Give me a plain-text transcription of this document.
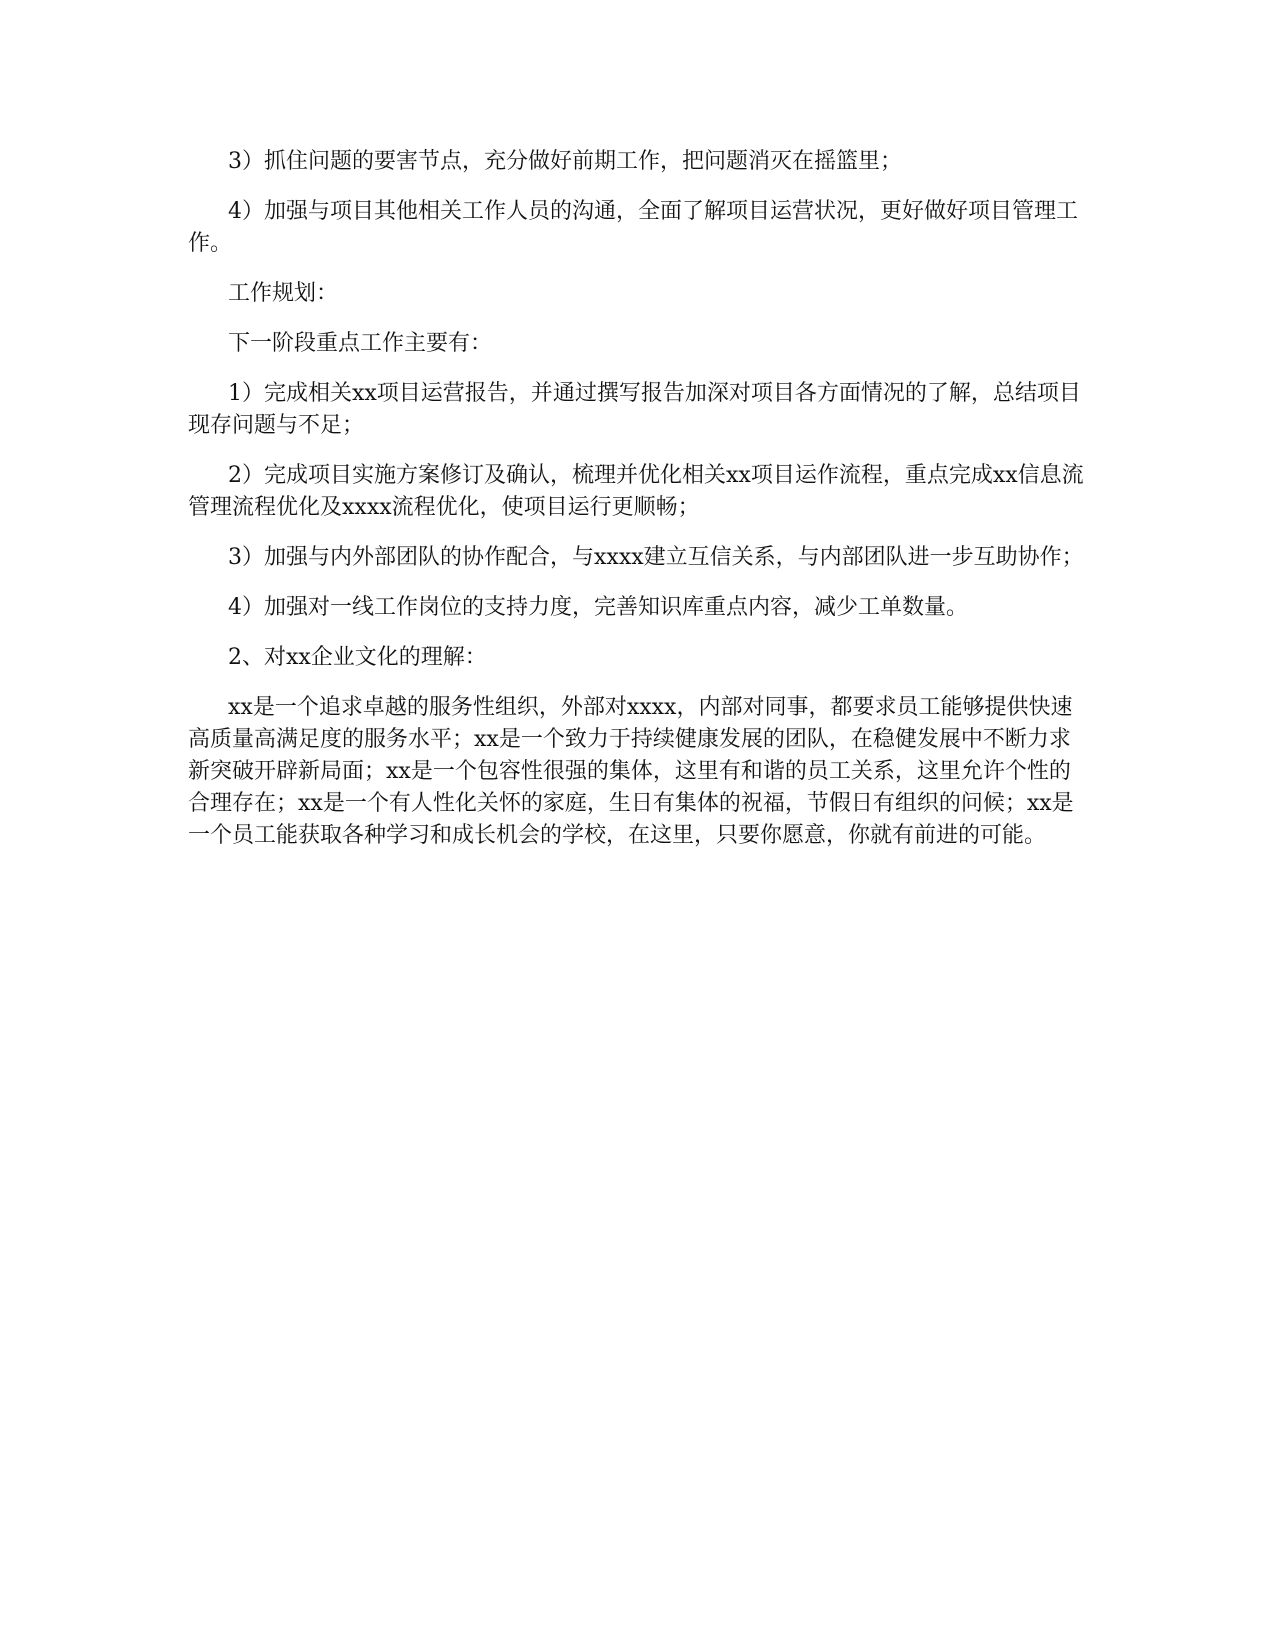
3）抓住问题的要害节点，充分做好前期工作，把问题消灭在摇篮里；

4）加强与项目其他相关工作人员的沟通，全面了解项目运营状况，更好做好项目管理工作。

工作规划：

下一阶段重点工作主要有：

1）完成相关xx项目运营报告，并通过撰写报告加深对项目各方面情况的了解，总结项目现存问题与不足；

2）完成项目实施方案修订及确认，梳理并优化相关xx项目运作流程，重点完成xx信息流管理流程优化及xxxx流程优化，使项目运行更顺畅；

3）加强与内外部团队的协作配合，与xxxx建立互信关系，与内部团队进一步互助协作；

4）加强对一线工作岗位的支持力度，完善知识库重点内容，减少工单数量。

2、对xx企业文化的理解：

xx是一个追求卓越的服务性组织，外部对xxxx，内部对同事，都要求员工能够提供快速高质量高满足度的服务水平；xx是一个致力于持续健康发展的团队，在稳健发展中不断力求新突破开辟新局面；xx是一个包容性很强的集体，这里有和谐的员工关系，这里允许个性的合理存在；xx是一个有人性化关怀的家庭，生日有集体的祝福，节假日有组织的问候；xx是一个员工能获取各种学习和成长机会的学校，在这里，只要你愿意，你就有前进的可能。
